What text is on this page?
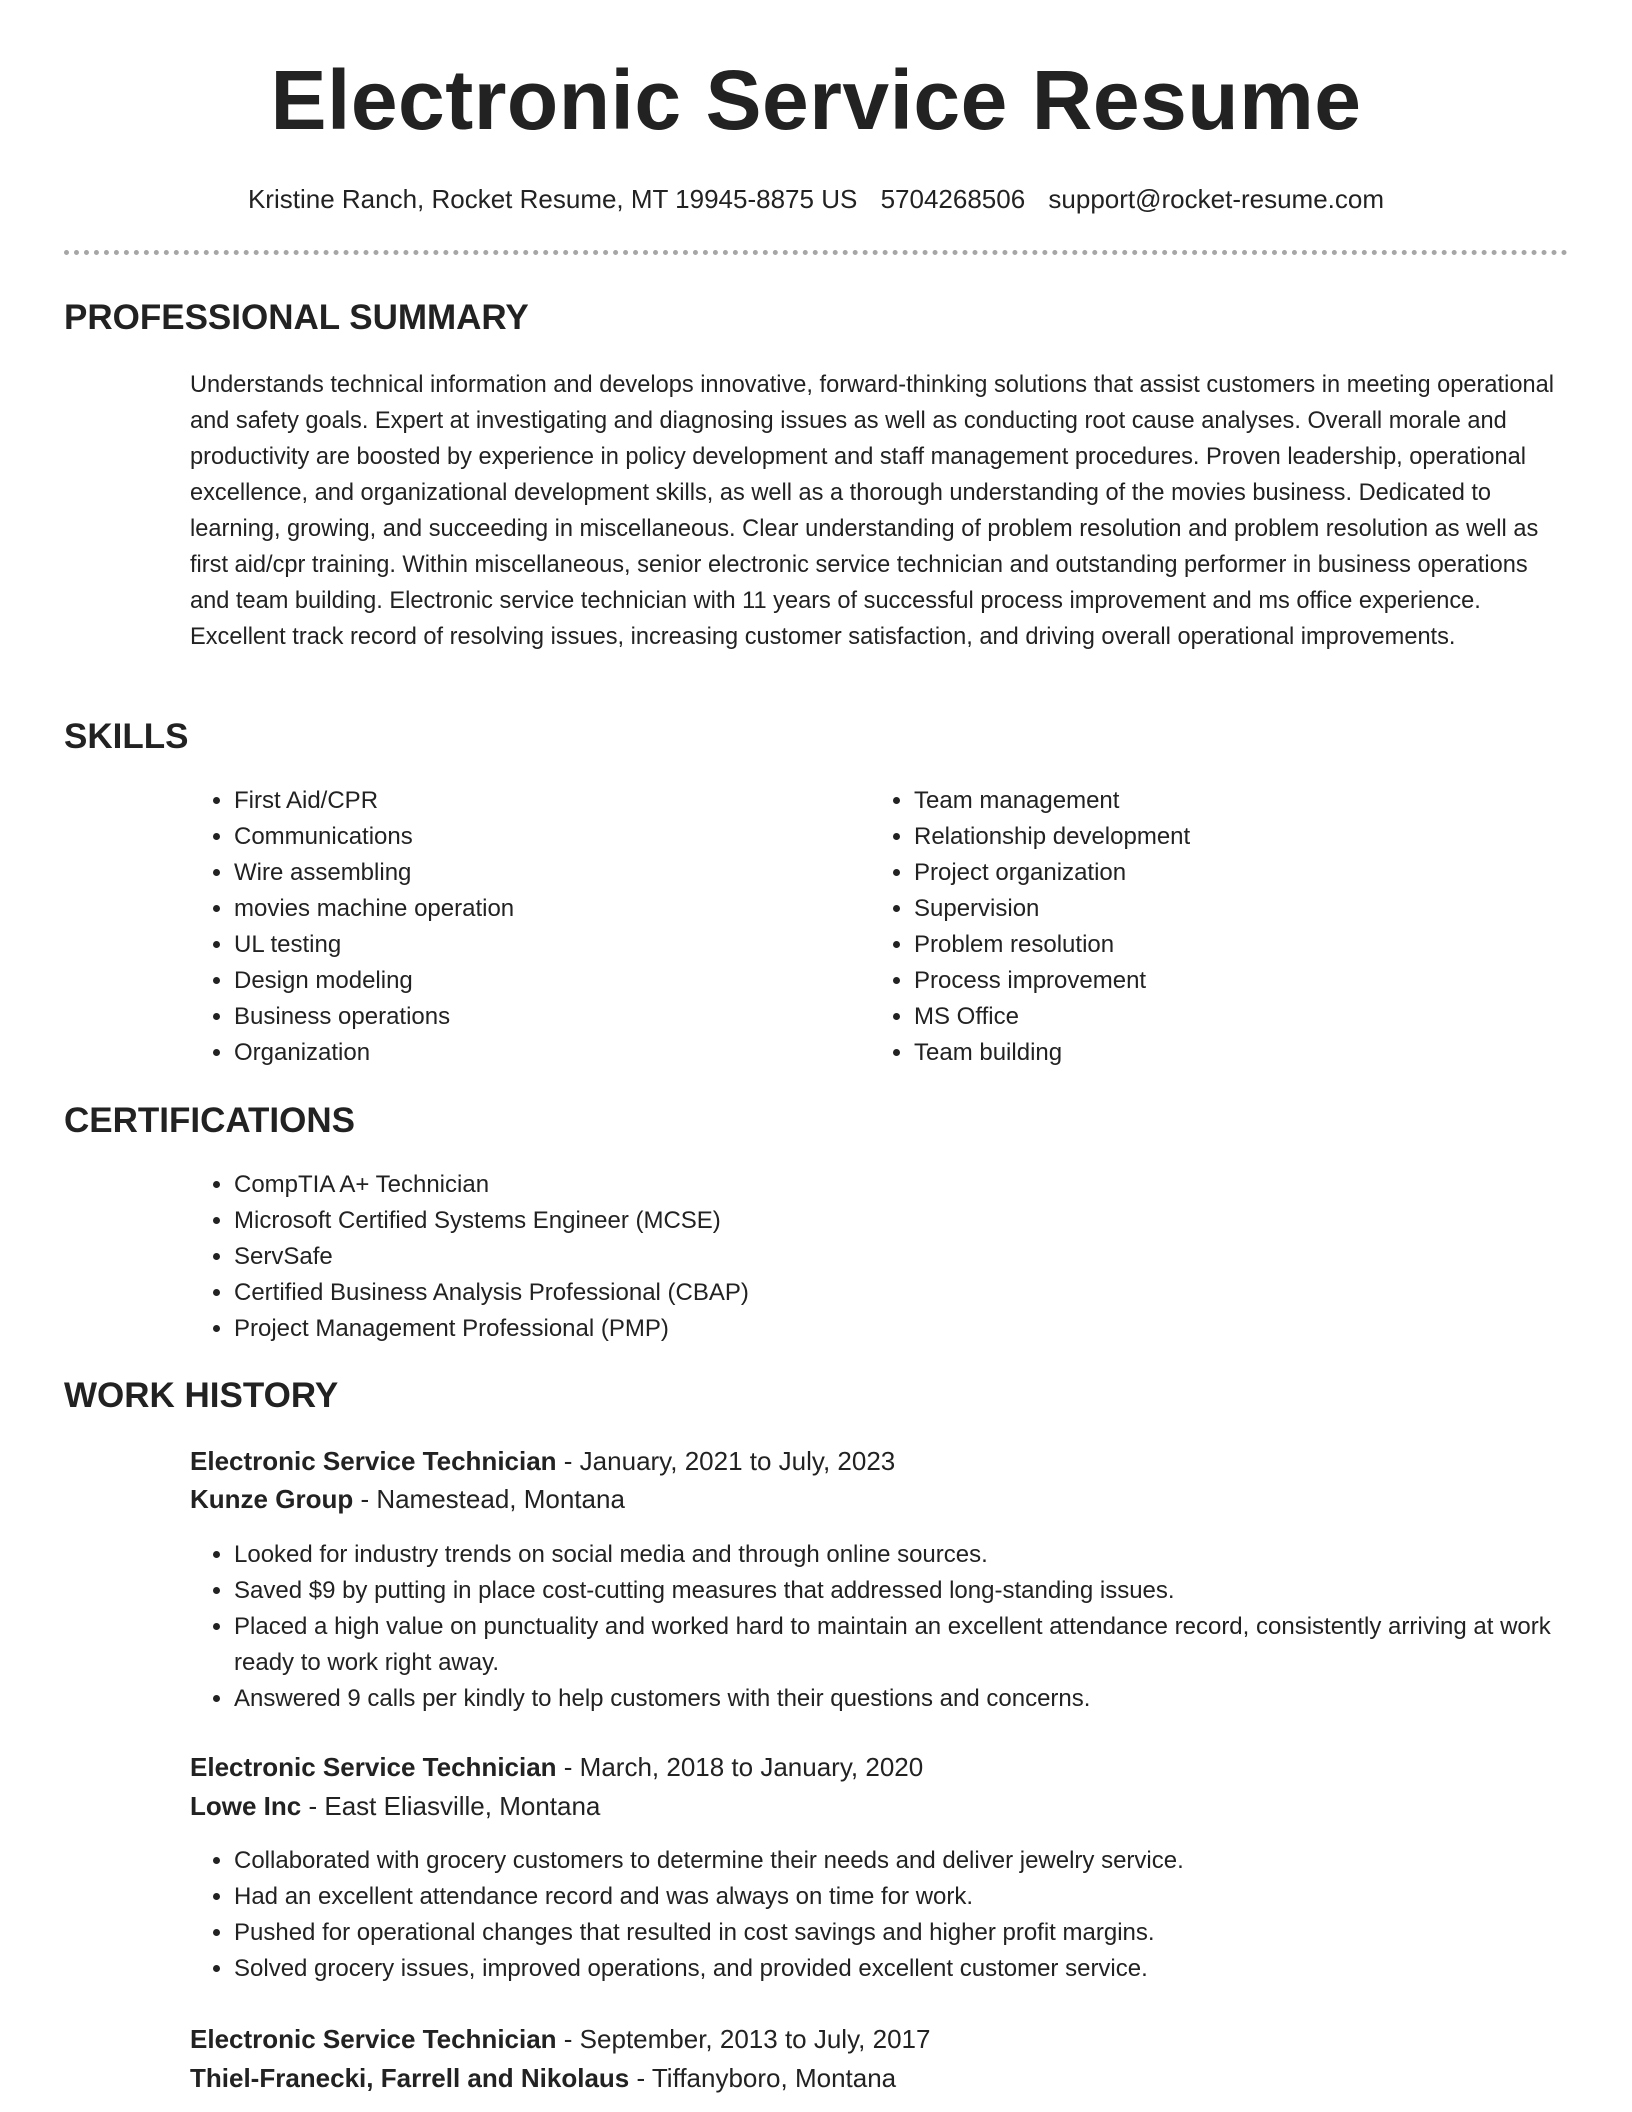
Electronic Service Resume
Kristine Ranch, Rocket Resume, MT 19945-8875 US 5704268506 support@rocket-resume.com
PROFESSIONAL SUMMARY

Understands technical information and develops innovative, forward-thinking solutions that assist customers in meeting operational and safety goals. Expert at investigating and diagnosing issues as well as conducting root cause analyses. Overall morale and productivity are boosted by experience in policy development and staff management procedures. Proven leadership, operational excellence, and organizational development skills, as well as a thorough understanding of the movies business. Dedicated to learning, growing, and succeeding in miscellaneous. Clear understanding of problem resolution and problem resolution as well as first aid/cpr training. Within miscellaneous, senior electronic service technician and outstanding performer in business operations and team building. Electronic service technician with 11 years of successful process improvement and ms office experience. Excellent track record of resolving issues, increasing customer satisfaction, and driving overall operational improvements.

SKILLS
• First Aid/CPR
• Communications
• Wire assembling
• movies machine operation
• UL testing
• Design modeling
• Business operations
• Organization
• Team management
• Relationship development
• Project organization
• Supervision
• Problem resolution
• Process improvement
• MS Office
• Team building
CERTIFICATIONS
• CompTIA A+ Technician
• Microsoft Certified Systems Engineer (MCSE)
• ServSafe
• Certified Business Analysis Professional (CBAP)
• Project Management Professional (PMP)
WORK HISTORY

Electronic Service Technician - January, 2021 to July, 2023

Kunze Group - Namestead, Montana

• Looked for industry trends on social media and through online sources.
• Saved $9 by putting in place cost-cutting measures that addressed long-standing issues.
• Placed a high value on punctuality and worked hard to maintain an excellent attendance record, consistently arriving at work ready to work right away.
• Answered 9 calls per kindly to help customers with their questions and concerns.

Electronic Service Technician - March, 2018 to January, 2020

Lowe Inc - East Eliasville, Montana

• Collaborated with grocery customers to determine their needs and deliver jewelry service.
• Had an excellent attendance record and was always on time for work.
• Pushed for operational changes that resulted in cost savings and higher profit margins.
• Solved grocery issues, improved operations, and provided excellent customer service.

Electronic Service Technician - September, 2013 to July, 2017

Thiel-Franecki, Farrell and Nikolaus - Tiffanyboro, Montana
